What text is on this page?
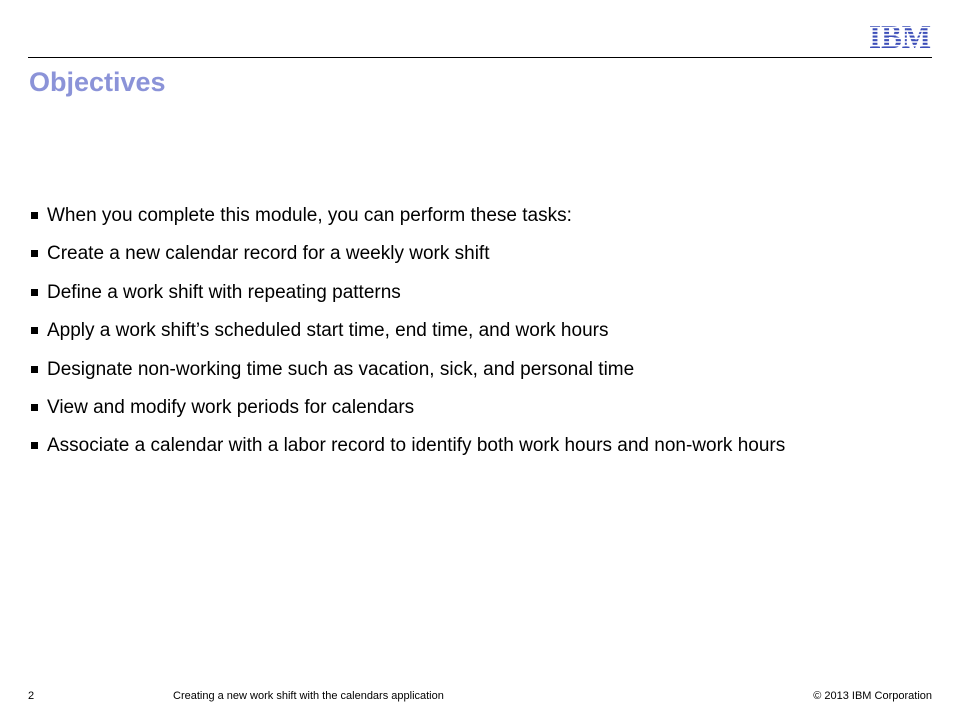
Objectives
When you complete this module, you can perform these tasks:
Create a new calendar record for a weekly work shift
Define a work shift with repeating patterns
Apply a work shift’s scheduled start time, end time, and work hours
Designate non-working time such as vacation, sick, and personal time
View and modify work periods for calendars
Associate a calendar with a labor record to identify both work hours and non-work hours
2	Creating a new work shift with the calendars application	© 2013 IBM Corporation
